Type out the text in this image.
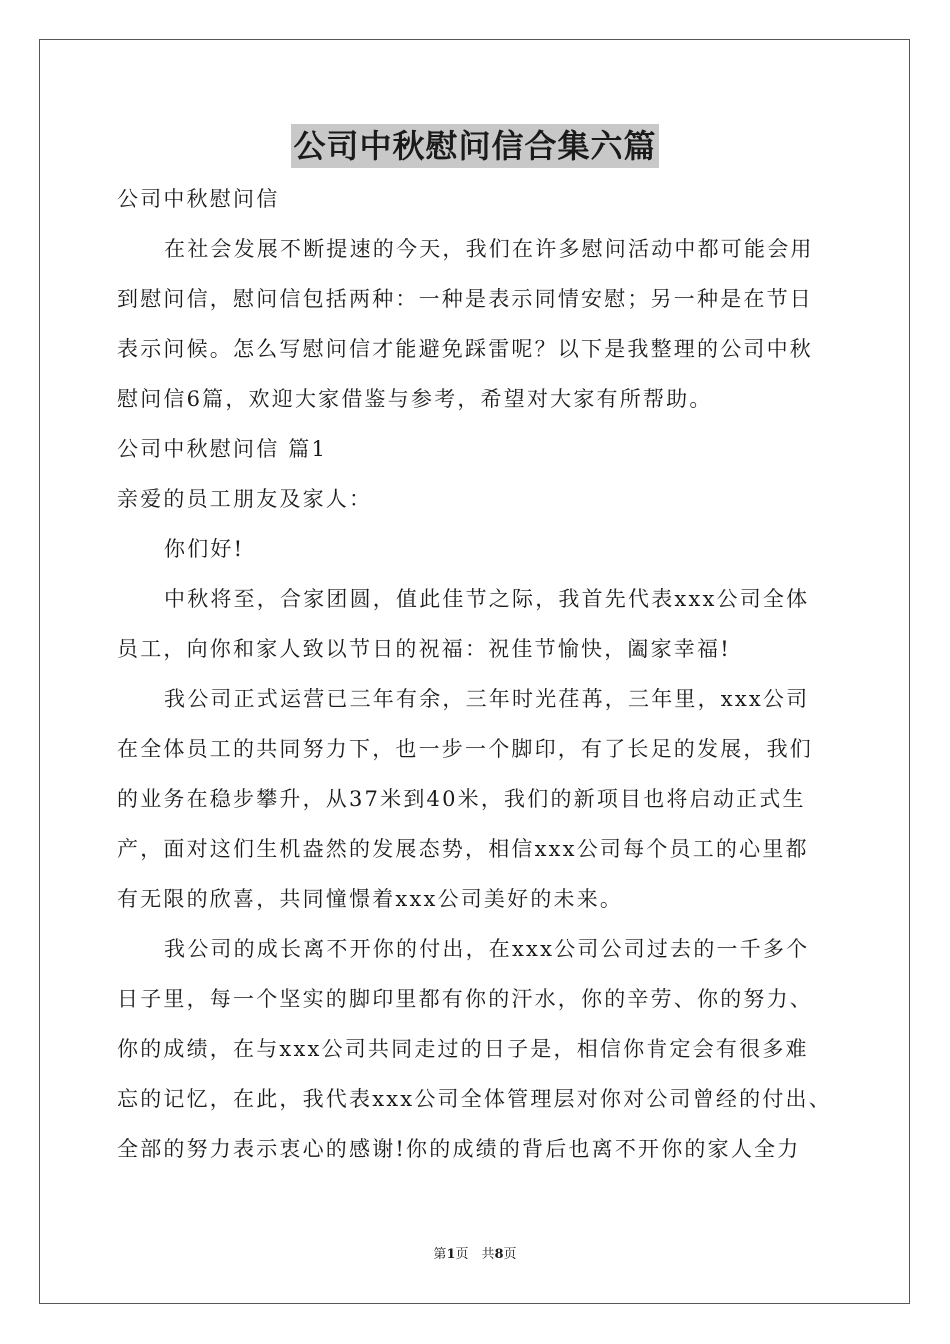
公司中秋慰问信合集六篇
公司中秋慰问信
在社会发展不断提速的今天，我们在许多慰问活动中都可能会用
到慰问信，慰问信包括两种：一种是表示同情安慰；另一种是在节日
表示问候。怎么写慰问信才能避免踩雷呢？以下是我整理的公司中秋
慰问信6篇，欢迎大家借鉴与参考，希望对大家有所帮助。
公司中秋慰问信 篇1
亲爱的员工朋友及家人：
你们好!
中秋将至，合家团圆，值此佳节之际，我首先代表xxx公司全体
员工，向你和家人致以节日的祝福：祝佳节愉快，阖家幸福!
我公司正式运营已三年有余，三年时光荏苒，三年里，xxx公司
在全体员工的共同努力下，也一步一个脚印，有了长足的发展，我们
的业务在稳步攀升，从37米到40米，我们的新项目也将启动正式生
产，面对这们生机盎然的发展态势，相信xxx公司每个员工的心里都
有无限的欣喜，共同憧憬着xxx公司美好的未来。
我公司的成长离不开你的付出，在xxx公司公司过去的一千多个
日子里，每一个坚实的脚印里都有你的汗水，你的辛劳、你的努力、
你的成绩，在与xxx公司共同走过的日子是，相信你肯定会有很多难
忘的记忆，在此，我代表xxx公司全体管理层对你对公司曾经的付出、
全部的努力表示衷心的感谢!你的成绩的背后也离不开你的家人全力
第1页　共8页
